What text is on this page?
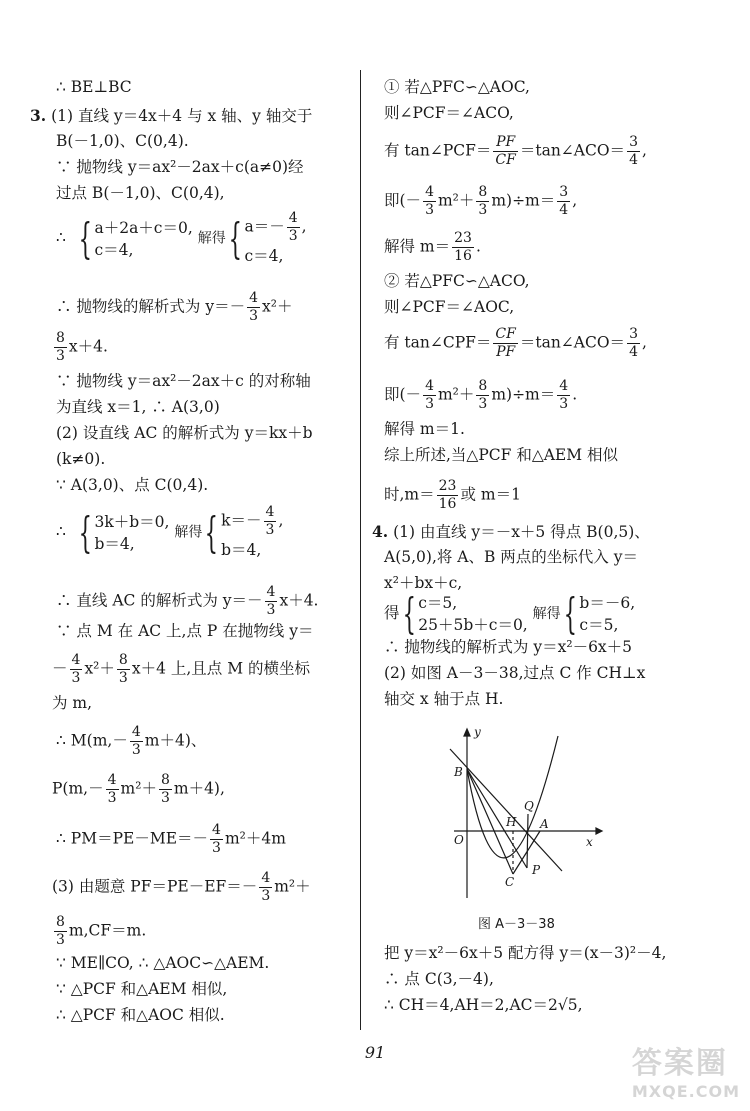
∴ BE⊥BC
3. (1) 直线 y＝4x＋4 与 x 轴、y 轴交于
B(－1,0)、C(0,4).
∵ 抛物线 y＝ax²－2ax＋c(a≠0)经
过点 B(－1,0)、C(0,4),
∴ { a＋2a＋c＝0,
c＝4,
解得{ $a=- \frac{4}{3}$ ,
c＝4,
∴ 抛物线的解析式为 $y=- \frac{4}{3} x^2+$
$\frac{8}{3} x+4$.
∵ 抛物线 y＝ax²－2ax＋c 的对称轴
为直线 x＝1, ∴ A(3,0)
(2) 设直线 AC 的解析式为 y＝kx＋b
(k≠0).
∵ A(3,0)、点 C(0,4).
∴ { 3k＋b＝0,
b＝4,
解得{ $k=- \frac{4}{3}$ ,
b＝4,
∴ 直线 AC 的解析式为 $y=- \frac{4}{3} x+4$.
∵ 点 M 在 AC 上,点 P 在抛物线 y＝
－ $\frac{4}{3} x^2+ \frac{8}{3} x+4$ 上,且点 M 的横坐标
为 m,
∴ $M(m,- \frac{4}{3} m+4)$、
$P(m,- \frac{4}{3} m^2+ \frac{8}{3} m+4)$,
∴ $PM=PE-ME=- \frac{4}{3} m^2+4m$
(3) 由题意 $PF=PE-EF=- \frac{4}{3} m^2+$
$\frac{8}{3} m,CF=m$.
∵ ME∥CO, ∴ △AOC∽△AEM.
∵ △PCF 和△AEM 相似,
∴ △PCF 和△AOC 相似.
① 若△PFC∽△AOC,
则∠PCF＝∠ACO,
有 tan∠PCF＝ $\frac{PF}{CF}$ ＝tan∠ACO＝ $\frac{3}{4}$ ,
即(－ $\frac{4}{3} m^2+ \frac{8}{3} m)\div m= \frac{3}{4}$ ,
解得 $m= \frac{23}{16}$ .
② 若△PFC∽△ACO,
则∠PCF＝∠AOC,
有 tan∠CPF＝ $\frac{CF}{PF}$ ＝tan∠ACO＝ $\frac{3}{4}$ ,
即(－ $\frac{4}{3} m^2+ \frac{8}{3} m)\div m= \frac{4}{3}$ .
解得 m＝1.
综上所述,当△PCF 和△AEM 相似
时$,m= \frac{23}{16}$ 或 m＝1
4. (1) 由直线 y＝－x＋5 得点 B(0,5)、
A(5,0),将 A、B 两点的坐标代入 y＝
x²＋bx＋c,
得{ c＝5,
25＋5b＋c＝0,
解得{ b＝－6,
c＝5,
∴ 抛物线的解析式为 y＝x²－6x＋5
(2) 如图 A－3－38,过点 C 作 CH⊥x
轴交 x 轴于点 H.
把 y＝x²－6x＋5 配方得 y＝(x－3)²－4,
∴ 点 C(3,－4),
∴ CH＝4,AH＝2,AC＝2√5,
y
x
O
B
H
Q
A
C
P
图 A－3－38
91	答案圈
MXQE.COM
